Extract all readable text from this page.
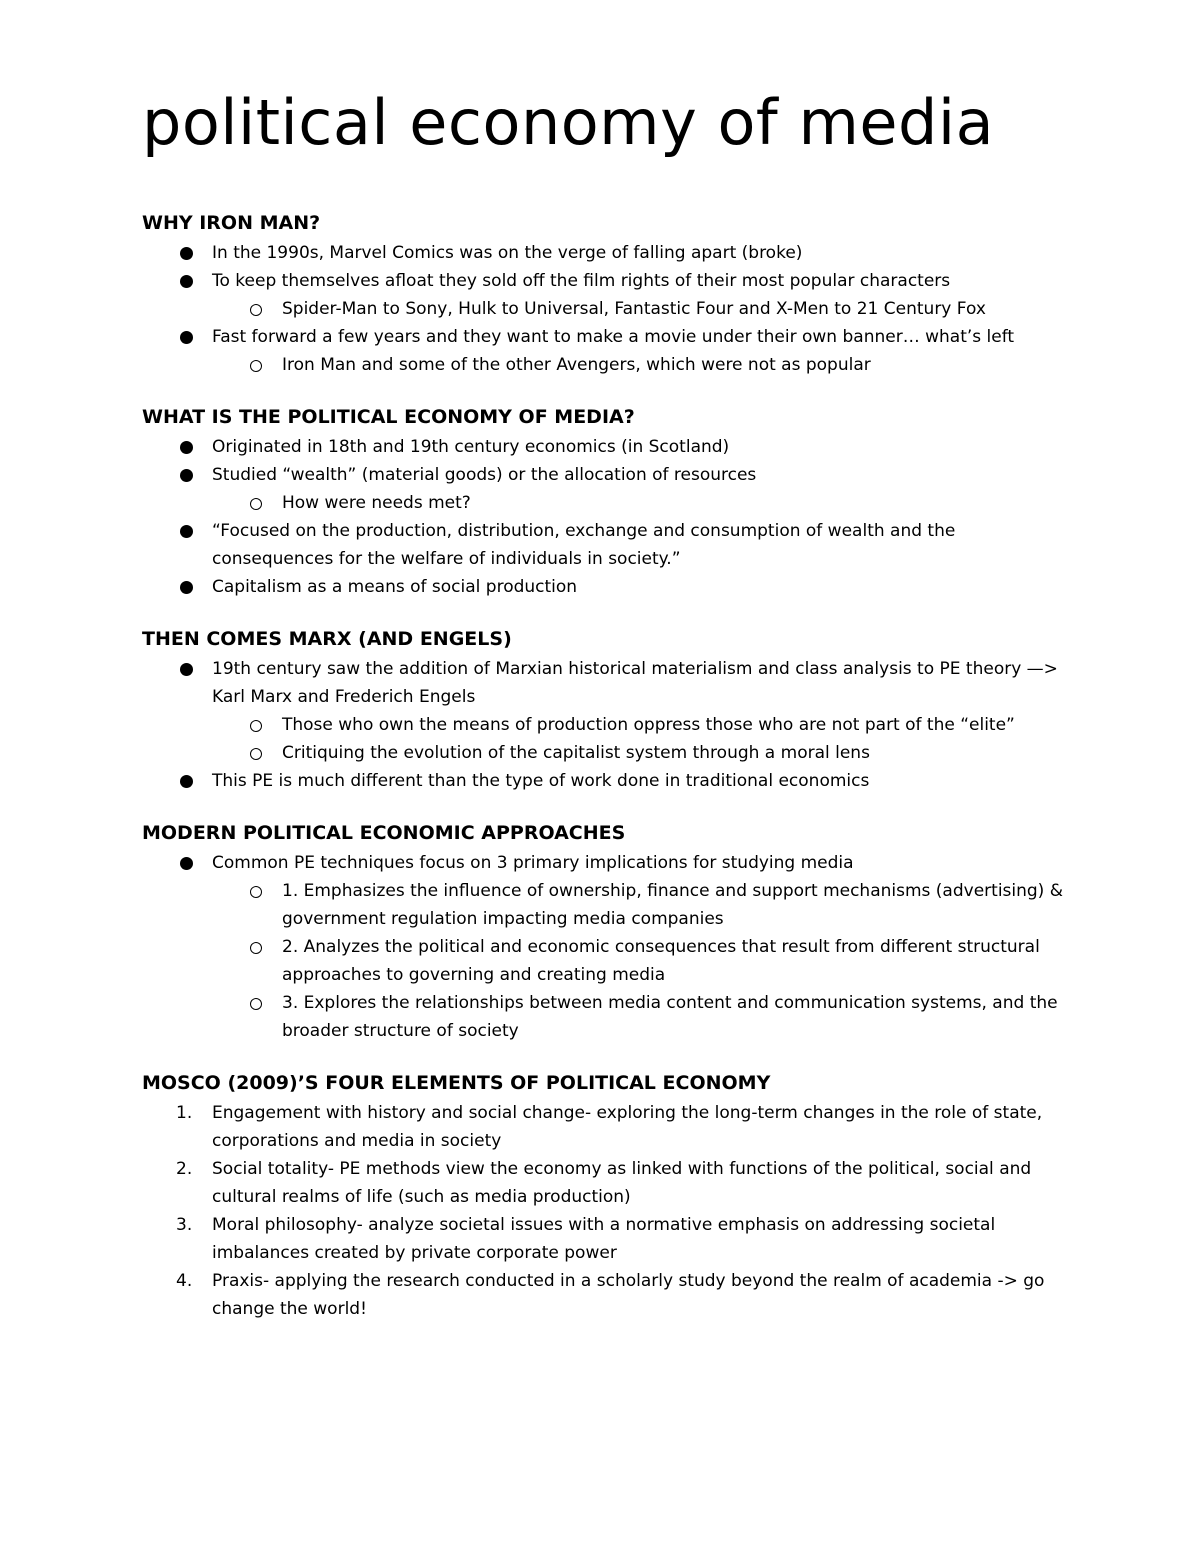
political economy of media
WHY IRON MAN?
In the 1990s, Marvel Comics was on the verge of falling apart (broke)
To keep themselves afloat they sold off the film rights of their most popular characters
Spider-Man to Sony, Hulk to Universal, Fantastic Four and X-Men to 21 Century Fox
Fast forward a few years and they want to make a movie under their own banner… what’s left
Iron Man and some of the other Avengers, which were not as popular
WHAT IS THE POLITICAL ECONOMY OF MEDIA?
Originated in 18th and 19th century economics (in Scotland)
Studied “wealth” (material goods) or the allocation of resources
How were needs met?
“Focused on the production, distribution, exchange and consumption of wealth and the consequences for the welfare of individuals in society.”
Capitalism as a means of social production
THEN COMES MARX (AND ENGELS)
19th century saw the addition of Marxian historical materialism and class analysis to PE theory —> Karl Marx and Frederich Engels
Those who own the means of production oppress those who are not part of the “elite”
Critiquing the evolution of the capitalist system through a moral lens
This PE is much different than the type of work done in traditional economics
MODERN POLITICAL ECONOMIC APPROACHES
Common PE techniques focus on 3 primary implications for studying media
1. Emphasizes the influence of ownership, finance and support mechanisms (advertising) & government regulation impacting media companies
2. Analyzes the political and economic consequences that result from different structural approaches to governing and creating media
3. Explores the relationships between media content and communication systems, and the broader structure of society
MOSCO (2009)’S FOUR ELEMENTS OF POLITICAL ECONOMY
1. Engagement with history and social change- exploring the long-term changes in the role of state, corporations and media in society
2. Social totality- PE methods view the economy as linked with functions of the political, social and cultural realms of life (such as media production)
3. Moral philosophy- analyze societal issues with a normative emphasis on addressing societal imbalances created by private corporate power
4. Praxis- applying the research conducted in a scholarly study beyond the realm of academia -> go change the world!
